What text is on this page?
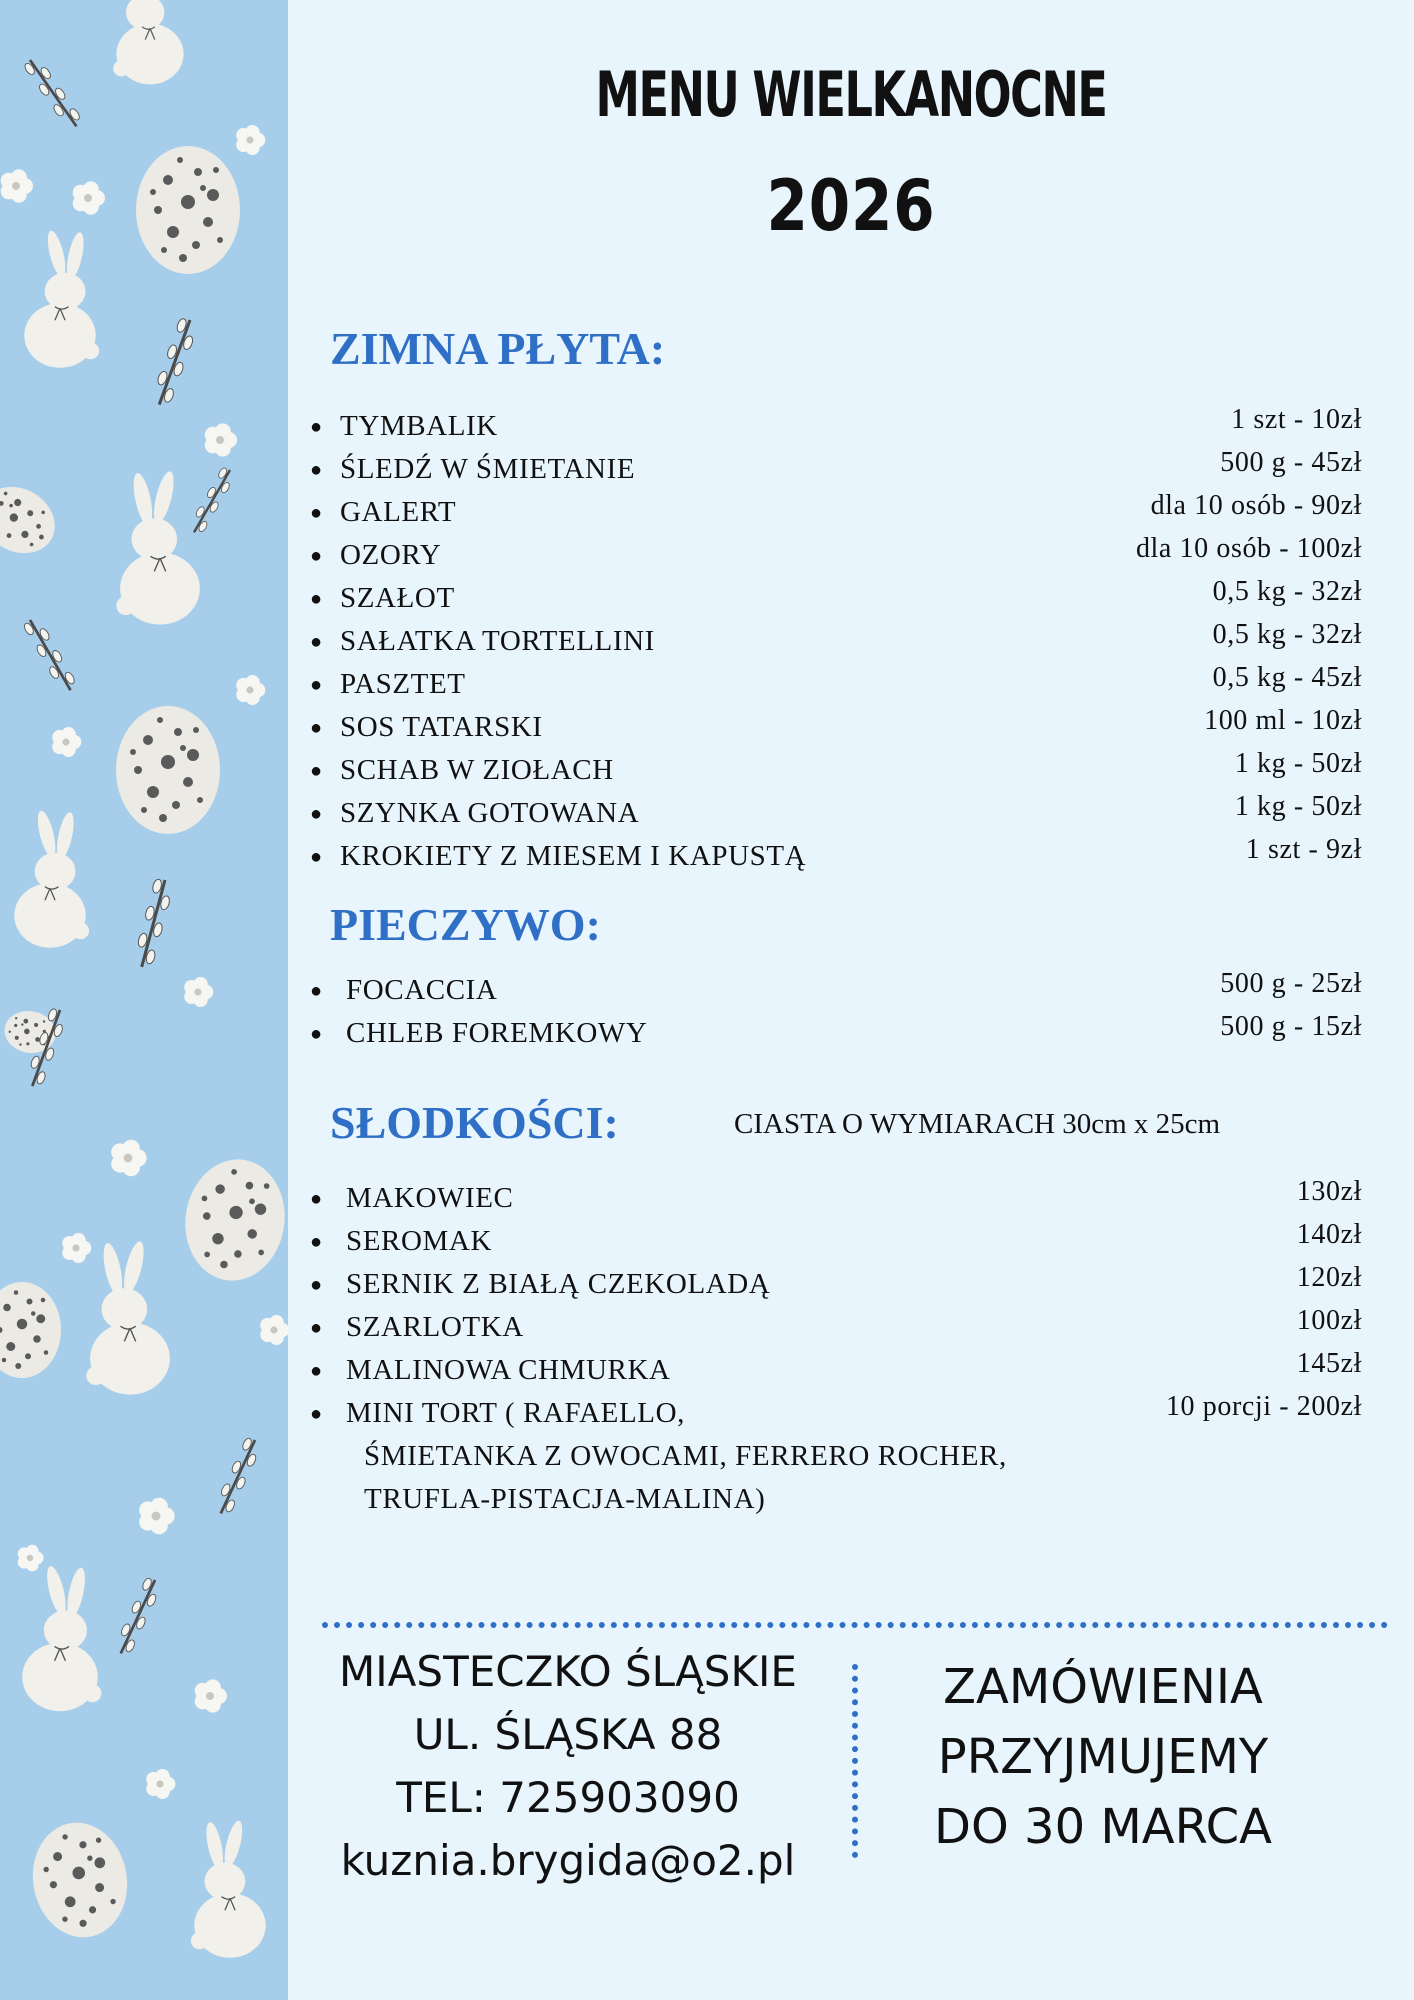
MENU WIELKANOCNE
2026
ZIMNA PŁYTA:
● TYMBALIK	1 szt - 10zł
● ŚLEDŹ W ŚMIETANIE	500 g - 45zł
● GALERT	dla 10 osób - 90zł
● OZORY	dla 10 osób - 100zł
● SZAŁOT	0,5 kg - 32zł
● SAŁATKA TORTELLINI	0,5 kg - 32zł
● PASZTET	0,5 kg - 45zł
● SOS TATARSKI	100 ml - 10zł
● SCHAB W ZIOŁACH	1 kg - 50zł
● SZYNKA GOTOWANA	1 kg - 50zł
● KROKIETY Z MIESEM I KAPUSTĄ	1 szt - 9zł
PIECZYWO:
● FOCACCIA	500 g - 25zł
● CHLEB FOREMKOWY	500 g - 15zł
SŁODKOŚCI:	CIASTA O WYMIARACH 30cm x 25cm
● MAKOWIEC	130zł
● SEROMAK	140zł
● SERNIK Z BIAŁĄ CZEKOLADĄ	120zł
● SZARLOTKA	100zł
● MALINOWA CHMURKA	145zł
● MINI TORT ( RAFAELLO,	10 porcji - 200zł
ŚMIETANKA Z OWOCAMI, FERRERO ROCHER,
TRUFLA-PISTACJA-MALINA)
MIASTECZKO ŚLĄSKIE
UL. ŚLĄSKA 88
TEL: 725903090
kuznia.brygida@o2.pl
ZAMÓWIENIA
PRZYJMUJEMY
DO 30 MARCA
